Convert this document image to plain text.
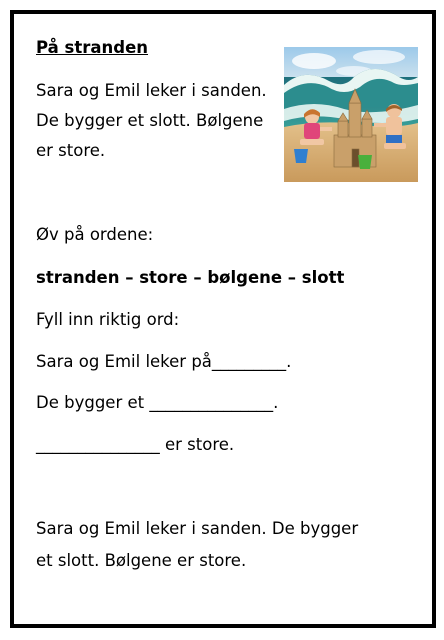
På stranden

Sara og Emil leker i sanden.

De bygger et slott. Bølgene

er store.

Øv på ordene:

stranden – store – bølgene – slott

Fyll inn riktig ord:

Sara og Emil leker på_________.

De bygger et _______________.

_______________ er store.

Sara og Emil leker i sanden. De bygger

et slott. Bølgene er store.
